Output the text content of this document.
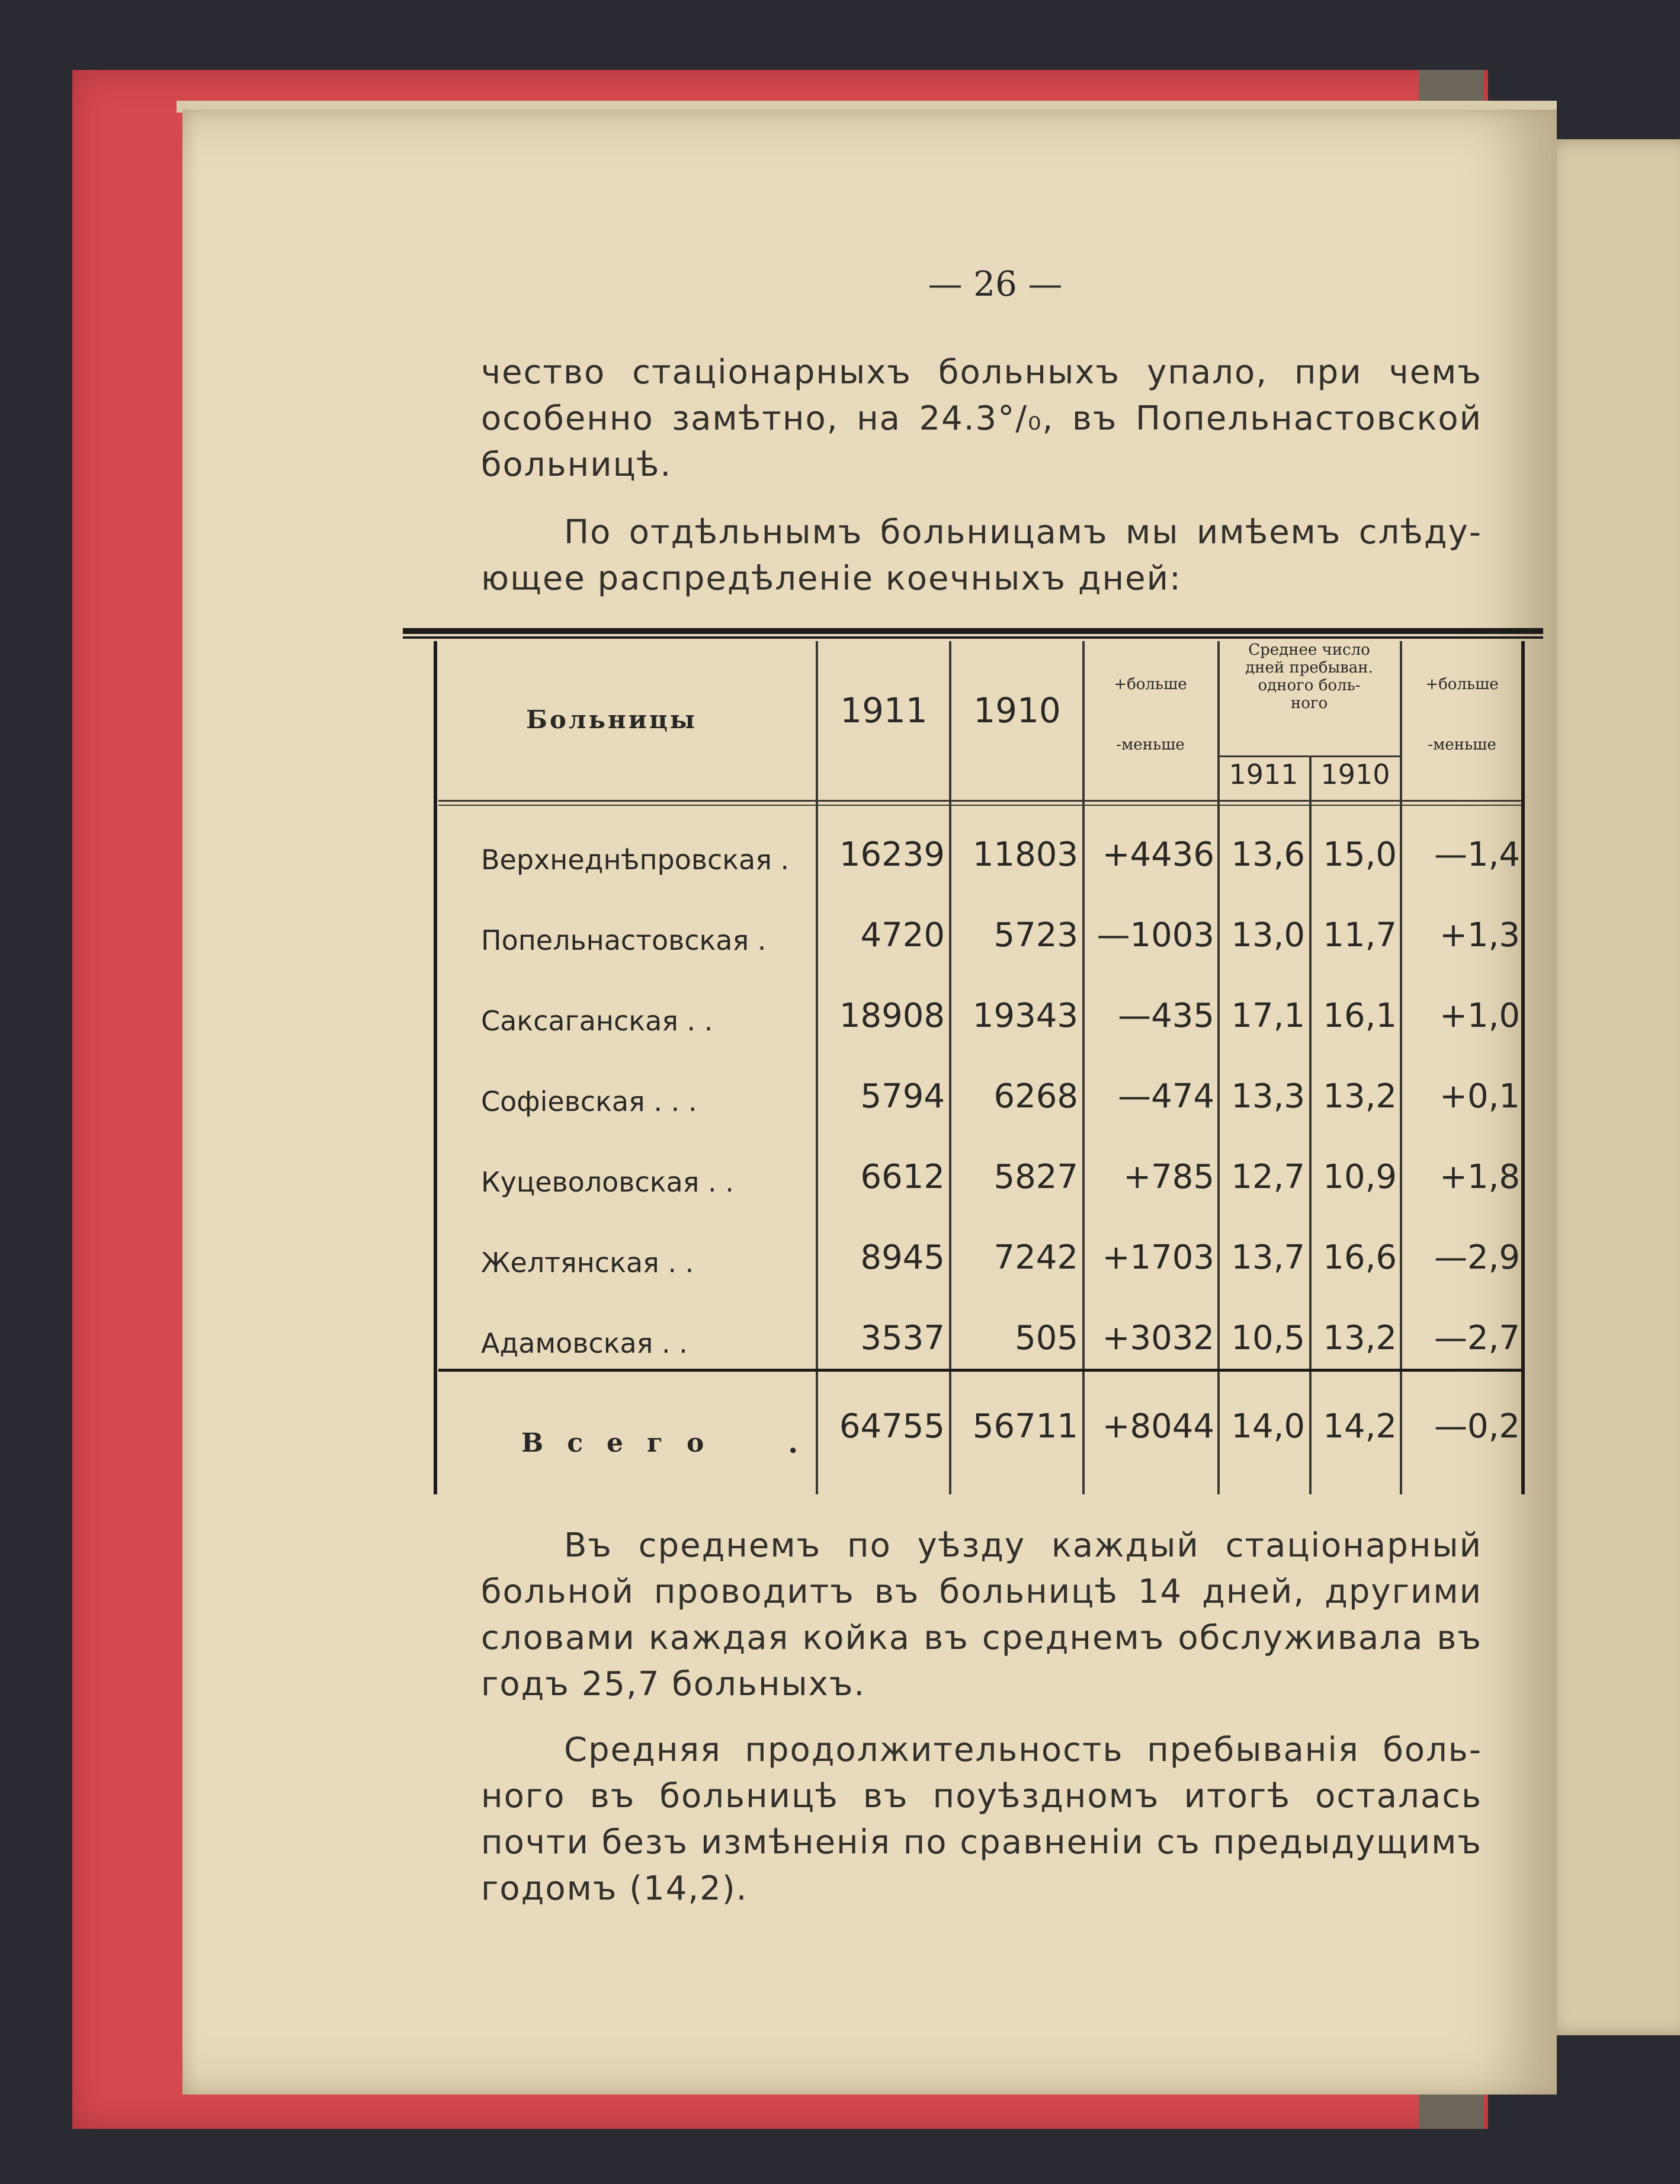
— 26 —
чество стаціонарныхъ больныхъ упало, при чемъ особенно замѣтно, на 24.3°/₀, въ Попельнастовской больницѣ.
По отдѣльнымъ больницамъ мы имѣемъ слѣду- ющее распредѣленіе коечныхъ дней:
Больницы	1911 1910
+больше
-меньше
Среднее число
дней пребыван.
одного боль-
ного
1911 1910
+больше
-меньше
Верхнеднѣпровская .	16239 11803 +4436 13,6 15,0	—1,4
Попельнастовская .	4720	5723 —1003 13,0 11,7	+1,3
Саксаганская . .	18908 19343	—435 17,1 16,1	+1,0
Софіевская . . .	5794	6268	—474 13,3 13,2	+0,1
Куцеволовская . .	6612	5827	+785 12,7 10,9	+1,8
Желтянская . .	8945	7242 +1703 13,7 16,6	—2,9
Адамовская . .	3537	505 +3032 10,5 13,2	—2,7
Всего .	64755 56711 +8044 14,0 14,2	—0,2
Въ среднемъ по уѣзду каждый стаціонарный больной проводитъ въ больницѣ 14 дней, другими словами каждая койка въ среднемъ обслуживала въ годъ 25,7 больныхъ.
Средняя продолжительность пребыванія боль- ного въ больницѣ въ поуѣздномъ итогѣ осталась почти безъ измѣненія по сравненіи съ предыдущимъ годомъ (14,2).
